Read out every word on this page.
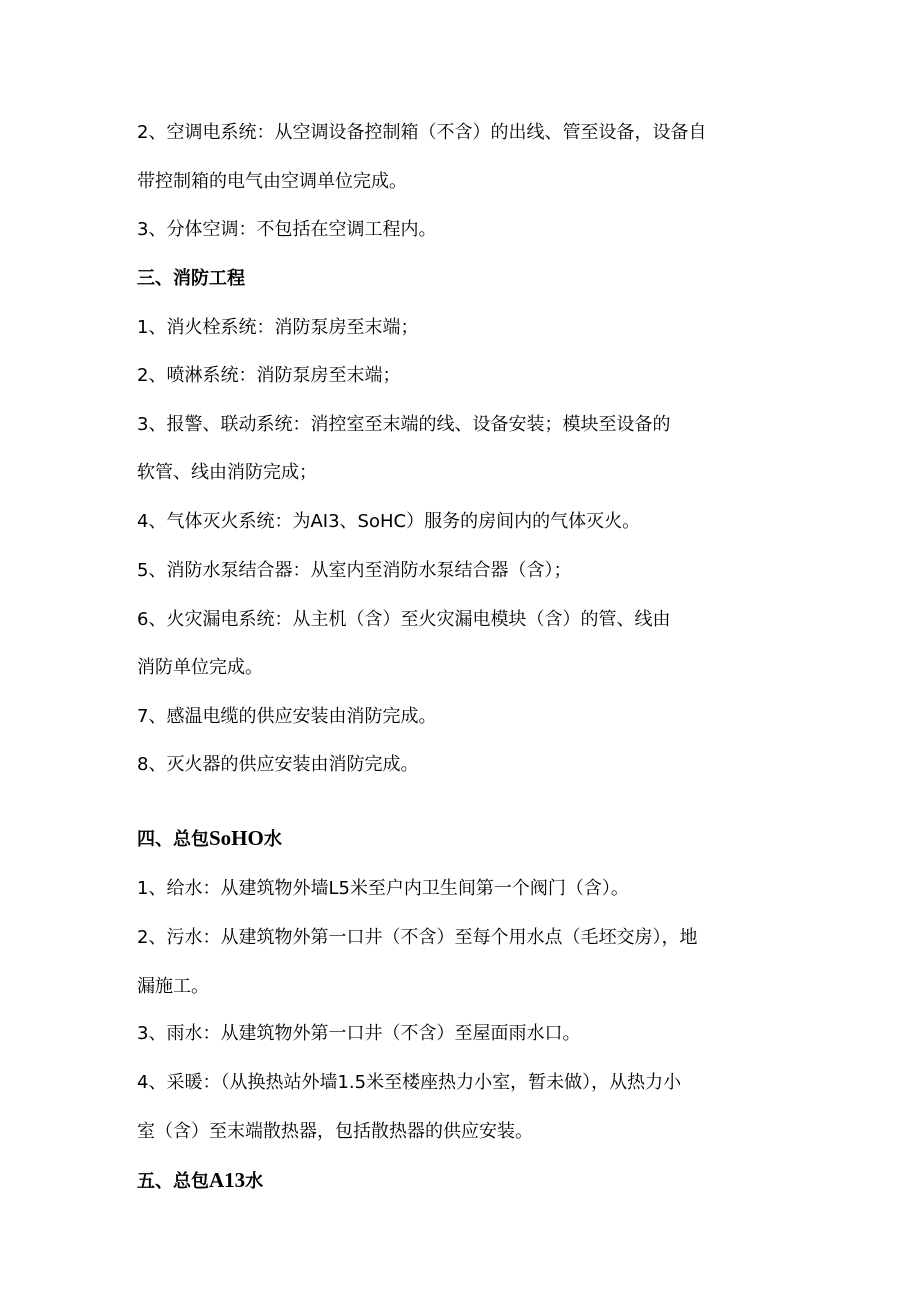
2、空调电系统：从空调设备控制箱（不含）的出线、管至设备，设备自
带控制箱的电气由空调单位完成。
3、分体空调：不包括在空调工程内。
三、消防工程
1、消火栓系统：消防泵房至末端；
2、喷淋系统：消防泵房至末端；
3、报警、联动系统：消控室至末端的线、设备安装；模块至设备的
软管、线由消防完成；
4、气体灭火系统：为AI3、SoHC）服务的房间内的气体灭火。
5、消防水泵结合器：从室内至消防水泵结合器（含）；
6、火灾漏电系统：从主机（含）至火灾漏电模块（含）的管、线由
消防单位完成。
7、感温电缆的供应安装由消防完成。
8、灭火器的供应安装由消防完成。
四、总包SoHO水
1、给水：从建筑物外墙L5米至户内卫生间第一个阀门（含）。
2、污水：从建筑物外第一口井（不含）至每个用水点（毛坯交房），地
漏施工。
3、雨水：从建筑物外第一口井（不含）至屋面雨水口。
4、采暖：（从换热站外墙1.5米至楼座热力小室，暂未做），从热力小
室（含）至末端散热器，包括散热器的供应安装。
五、总包A13水
